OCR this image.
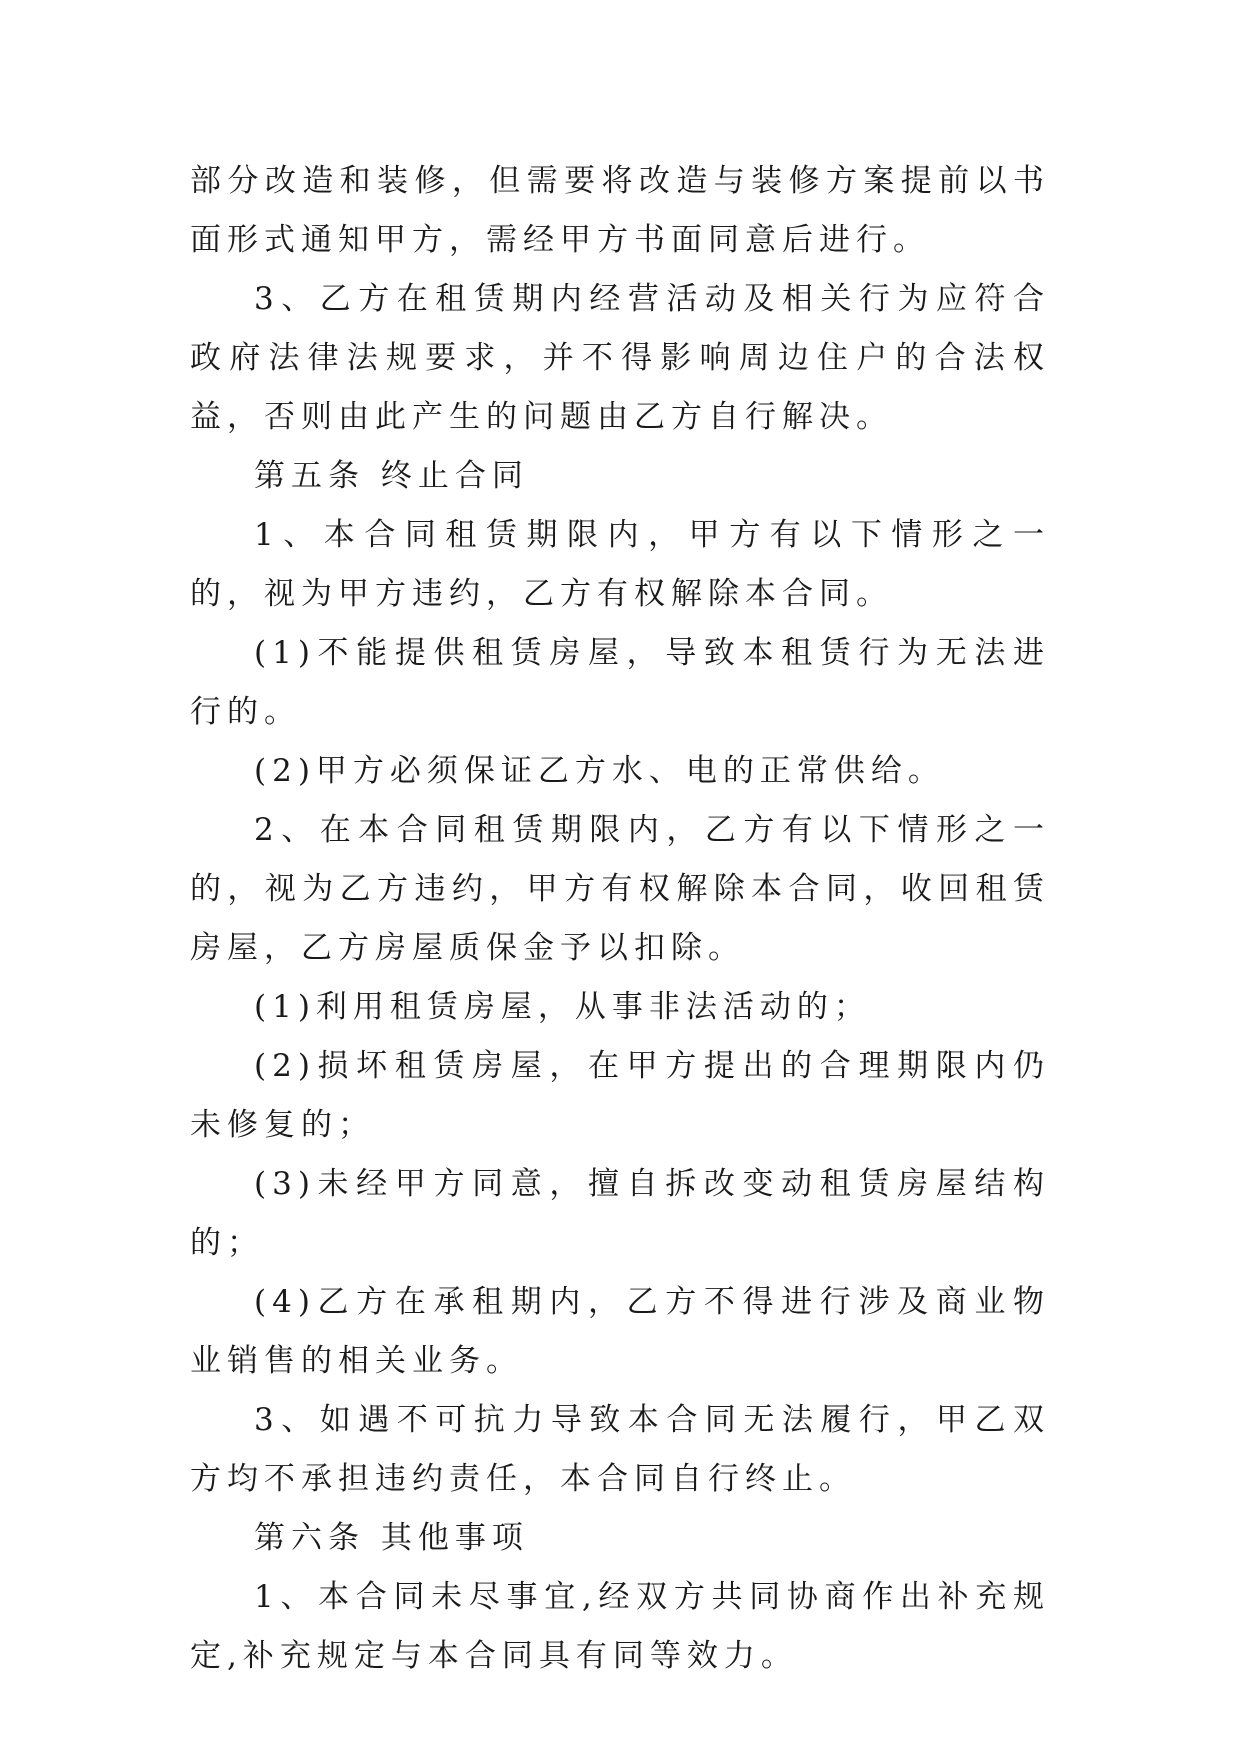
部分改造和装修，但需要将改造与装修方案提前以书面形式通知甲方，需经甲方书面同意后进行。

3、乙方在租赁期内经营活动及相关行为应符合政府法律法规要求，并不得影响周边住户的合法权益，否则由此产生的问题由乙方自行解决。

第五条 终止合同

1、本合同租赁期限内，甲方有以下情形之一的，视为甲方违约，乙方有权解除本合同。

(1)不能提供租赁房屋，导致本租赁行为无法进行的。

(2)甲方必须保证乙方水、电的正常供给。

2、在本合同租赁期限内，乙方有以下情形之一的，视为乙方违约，甲方有权解除本合同，收回租赁房屋，乙方房屋质保金予以扣除。

(1)利用租赁房屋，从事非法活动的；

(2)损坏租赁房屋，在甲方提出的合理期限内仍未修复的；

(3)未经甲方同意，擅自拆改变动租赁房屋结构的；

(4)乙方在承租期内，乙方不得进行涉及商业物业销售的相关业务。

3、如遇不可抗力导致本合同无法履行，甲乙双方均不承担违约责任，本合同自行终止。

第六条 其他事项

1、本合同未尽事宜,经双方共同协商作出补充规定,补充规定与本合同具有同等效力。
